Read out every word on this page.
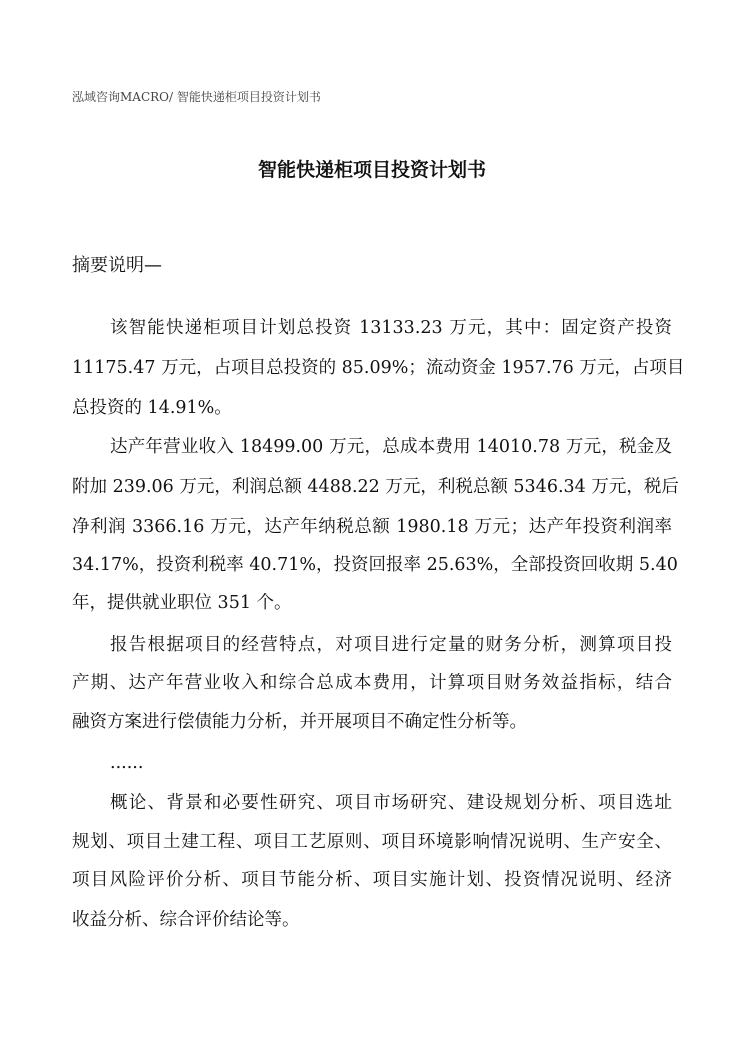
泓域咨询MACRO/ 智能快递柜项目投资计划书
智能快递柜项目投资计划书
摘要说明—
该智能快递柜项目计划总投资 13133.23 万元，其中：固定资产投资
11175.47 万元，占项目总投资的 85.09%；流动资金 1957.76 万元，占项目
总投资的 14.91%。
达产年营业收入 18499.00 万元，总成本费用 14010.78 万元，税金及
附加 239.06 万元，利润总额 4488.22 万元，利税总额 5346.34 万元，税后
净利润 3366.16 万元，达产年纳税总额 1980.18 万元；达产年投资利润率
34.17%，投资利税率 40.71%，投资回报率 25.63%，全部投资回收期 5.40
年，提供就业职位 351 个。
报告根据项目的经营特点，对项目进行定量的财务分析，测算项目投
产期、达产年营业收入和综合总成本费用，计算项目财务效益指标，结合
融资方案进行偿债能力分析，并开展项目不确定性分析等。
......
概论、背景和必要性研究、项目市场研究、建设规划分析、项目选址
规划、项目土建工程、项目工艺原则、项目环境影响情况说明、生产安全、
项目风险评价分析、项目节能分析、项目实施计划、投资情况说明、经济
收益分析、综合评价结论等。
